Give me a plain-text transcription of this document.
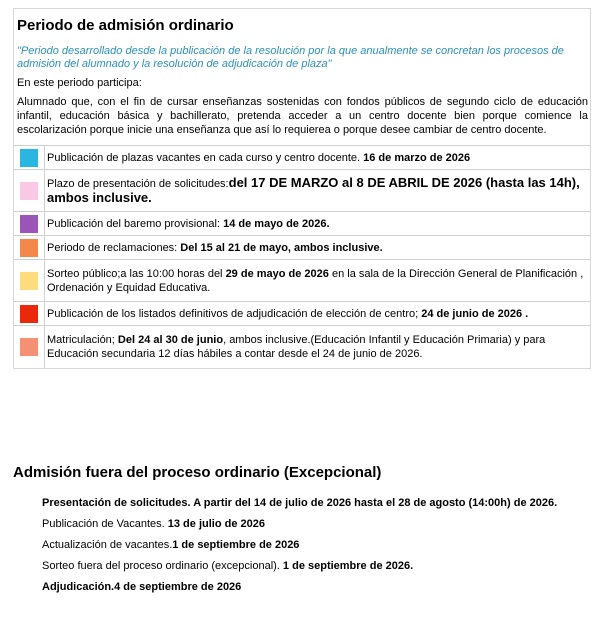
Periodo de admisión ordinario

"Periodo desarrollado desde la publicación de la resolución por la que anualmente se concretan los procesos de admisión del alumnado y la resolución de adjudicación de plaza"

En este periodo participa:

Alumnado que, con el fin de cursar enseñanzas sostenidas con fondos públicos de segundo ciclo de educación infantil, educación básica y bachillerato, pretenda acceder a un centro docente bien porque comience la escolarización porque inicie una enseñanza que así lo requierea o porque desee cambiar de centro docente.

	Publicación de plazas vacantes en cada curso y centro docente. 16 de marzo de 2026
	Plazo de presentación de solicitudes:del 17 DE MARZO al 8 DE ABRIL DE 2026 (hasta las 14h),
ambos inclusive.
	Publicación del baremo provisional: 14 de mayo de 2026.
	Periodo de reclamaciones: Del 15 al 21 de mayo, ambos inclusive.
	Sorteo público;a las 10:00 horas del 29 de mayo de 2026 en la sala de la Dirección General de Planificación , Ordenación y Equidad Educativa.
	Publicación de los listados definitivos de adjudicación de elección de centro; 24 de junio de 2026 .
	Matriculación; Del 24 al 30 de junio, ambos inclusive.(Educación Infantil y Educación Primaria) y para Educación secundaria 12 días hábiles a contar desde el 24 de junio de 2026.
Admisión fuera del proceso ordinario (Excepcional)

Presentación de solicitudes. A partir del 14 de julio de 2026 hasta el 28 de agosto (14:00h) de 2026.

Publicación de Vacantes. 13 de julio de 2026

Actualización de vacantes.1 de septiembre de 2026

Sorteo fuera del proceso ordinario (excepcional). 1 de septiembre de 2026.

Adjudicación.4 de septiembre de 2026
